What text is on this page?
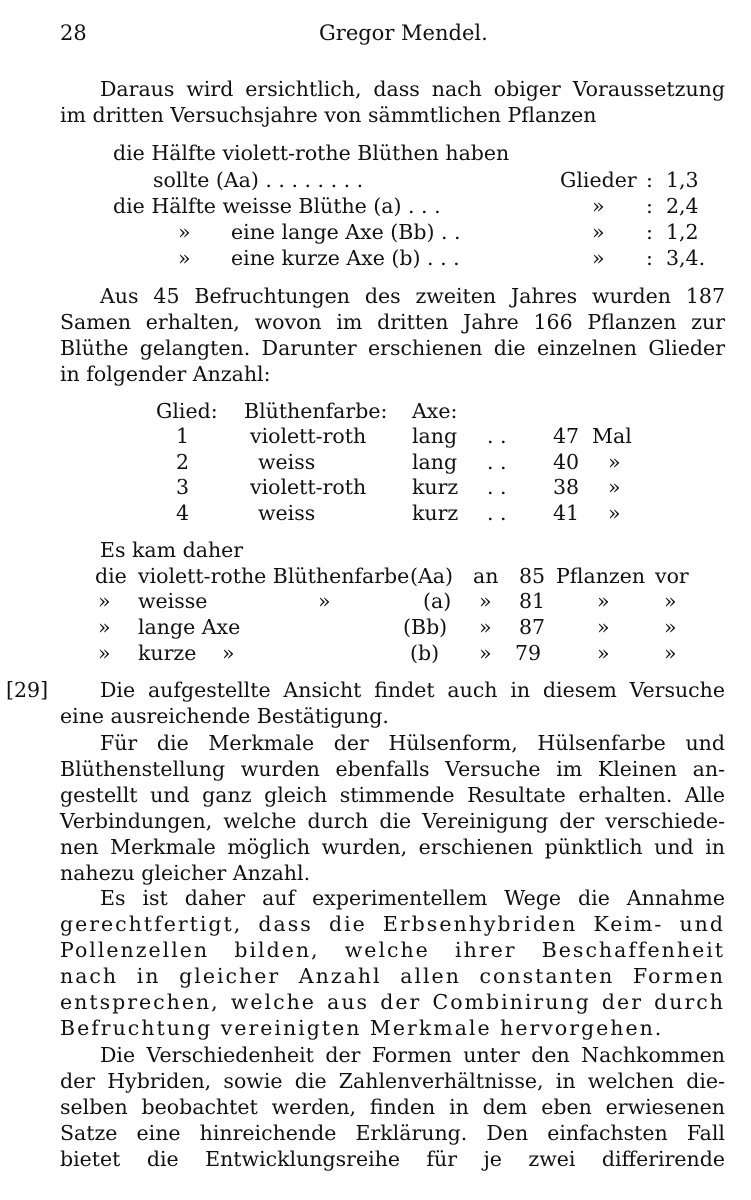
28	Gregor Mendel.
Daraus wird ersichtlich, dass nach obiger Voraussetzung
im dritten Versuchsjahre von sämmtlichen Pflanzen
die Hälfte violett-rothe Blüthen haben
sollte (Aa) . . . . . . . .	Glieder : 1,3
die Hälfte weisse Blüthe (a) . . .	» : 2,4
» eine lange Axe (Bb) . .	» : 1,2
» eine kurze Axe (b) . . .	» : 3,4.
Aus 45 Befruchtungen des zweiten Jahres wurden 187
Samen erhalten, wovon im dritten Jahre 166 Pflanzen zur
Blüthe gelangten. Darunter erschienen die einzelnen Glieder
in folgender Anzahl:
Glied: Blüthenfarbe: Axe:
1	violett-roth lang . . 47 Mal
2	weiss	lang . . 40 »
3	violett-roth kurz . . 38 »
4	weiss	kurz . . 41 »
Es kam daher
die violett-rothe Blüthenfarbe (Aa) an 85 Pflanzen vor
» weisse	»	(a) » 81	»	»
» lange Axe	(Bb) » 87	»	»
» kurze »	(b) » 79	»	»
[29]	Die aufgestellte Ansicht findet auch in diesem Versuche
eine ausreichende Bestätigung.
Für die Merkmale der Hülsenform, Hülsenfarbe und
Blüthenstellung wurden ebenfalls Versuche im Kleinen an-
gestellt und ganz gleich stimmende Resultate erhalten. Alle
Verbindungen, welche durch die Vereinigung der verschiede-
nen Merkmale möglich wurden, erschienen pünktlich und in
nahezu gleicher Anzahl.
Es ist daher auf experimentellem Wege die Annahme
gerechtfertigt, dass die Erbsenhybriden Keim- und
Pollenzellen bilden, welche ihrer Beschaffenheit
nach in gleicher Anzahl allen constanten Formen
entsprechen, welche aus der Combinirung der durch
Befruchtung vereinigten Merkmale hervorgehen.
Die Verschiedenheit der Formen unter den Nachkommen
der Hybriden, sowie die Zahlenverhältnisse, in welchen die-
selben beobachtet werden, finden in dem eben erwiesenen
Satze eine hinreichende Erklärung. Den einfachsten Fall
bietet die Entwicklungsreihe für je zwei differirende
